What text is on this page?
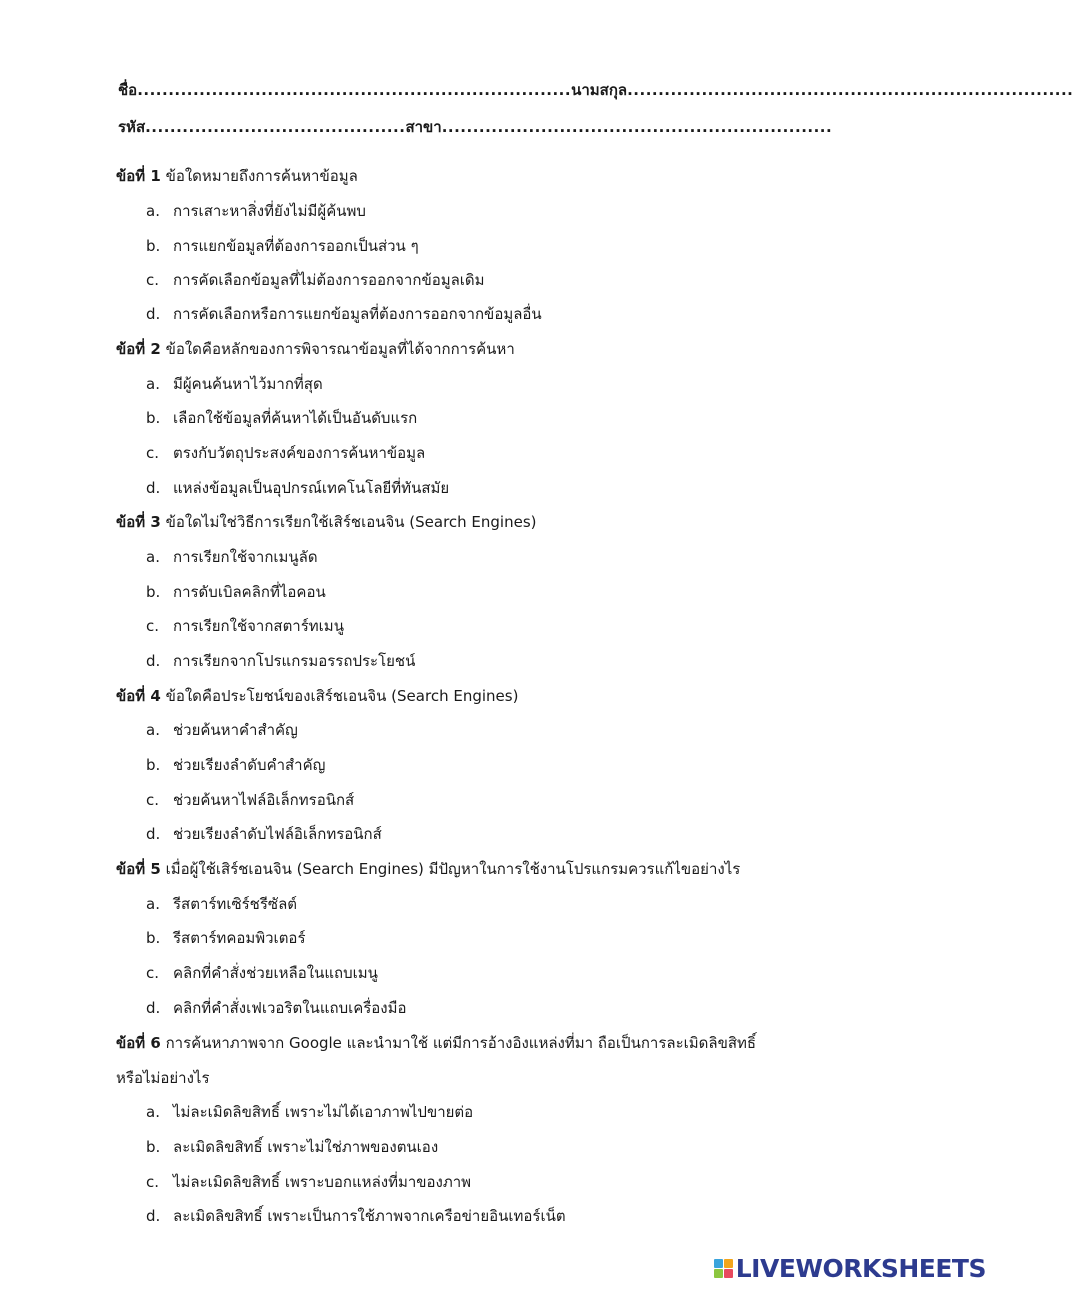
ชื่อ......................................................................นามสกุล........................................................................
รหัส..........................................สาขา...............................................................
ข้อที่ 1 ข้อใดหมายถึงการค้นหาข้อมูล
a. การเสาะหาสิ่งที่ยังไม่มีผู้ค้นพบ
b. การแยกข้อมูลที่ต้องการออกเป็นส่วน ๆ
c. การคัดเลือกข้อมูลที่ไม่ต้องการออกจากข้อมูลเดิม
d. การคัดเลือกหรือการแยกข้อมูลที่ต้องการออกจากข้อมูลอื่น
ข้อที่ 2 ข้อใดคือหลักของการพิจารณาข้อมูลที่ได้จากการค้นหา
a. มีผู้คนค้นหาไว้มากที่สุด
b. เลือกใช้ข้อมูลที่ค้นหาได้เป็นอันดับแรก
c. ตรงกับวัตถุประสงค์ของการค้นหาข้อมูล
d. แหล่งข้อมูลเป็นอุปกรณ์เทคโนโลยีที่ทันสมัย
ข้อที่ 3 ข้อใดไม่ใช่วิธีการเรียกใช้เสิร์ชเอนจิน (Search Engines)
a. การเรียกใช้จากเมนูลัด
b. การดับเบิลคลิกที่ไอคอน
c. การเรียกใช้จากสตาร์ทเมนู
d. การเรียกจากโปรแกรมอรรถประโยชน์
ข้อที่ 4 ข้อใดคือประโยชน์ของเสิร์ชเอนจิน (Search Engines)
a. ช่วยค้นหาคำสำคัญ
b. ช่วยเรียงลำดับคำสำคัญ
c. ช่วยค้นหาไฟล์อิเล็กทรอนิกส์
d. ช่วยเรียงลำดับไฟล์อิเล็กทรอนิกส์
ข้อที่ 5 เมื่อผู้ใช้เสิร์ชเอนจิน (Search Engines) มีปัญหาในการใช้งานโปรแกรมควรแก้ไขอย่างไร
a. รีสตาร์ทเซิร์ชรีซัลต์
b. รีสตาร์ทคอมพิวเตอร์
c. คลิกที่คำสั่งช่วยเหลือในแถบเมนู
d. คลิกที่คำสั่งเฟเวอริตในแถบเครื่องมือ
ข้อที่ 6 การค้นหาภาพจาก Google และนำมาใช้ แต่มีการอ้างอิงแหล่งที่มา ถือเป็นการละเมิดลิขสิทธิ์
หรือไม่อย่างไร
a. ไม่ละเมิดลิขสิทธิ์ เพราะไม่ได้เอาภาพไปขายต่อ
b. ละเมิดลิขสิทธิ์ เพราะไม่ใช่ภาพของตนเอง
c. ไม่ละเมิดลิขสิทธิ์ เพราะบอกแหล่งที่มาของภาพ
d. ละเมิดลิขสิทธิ์ เพราะเป็นการใช้ภาพจากเครือข่ายอินเทอร์เน็ต
LIVEWORKSHEETS
